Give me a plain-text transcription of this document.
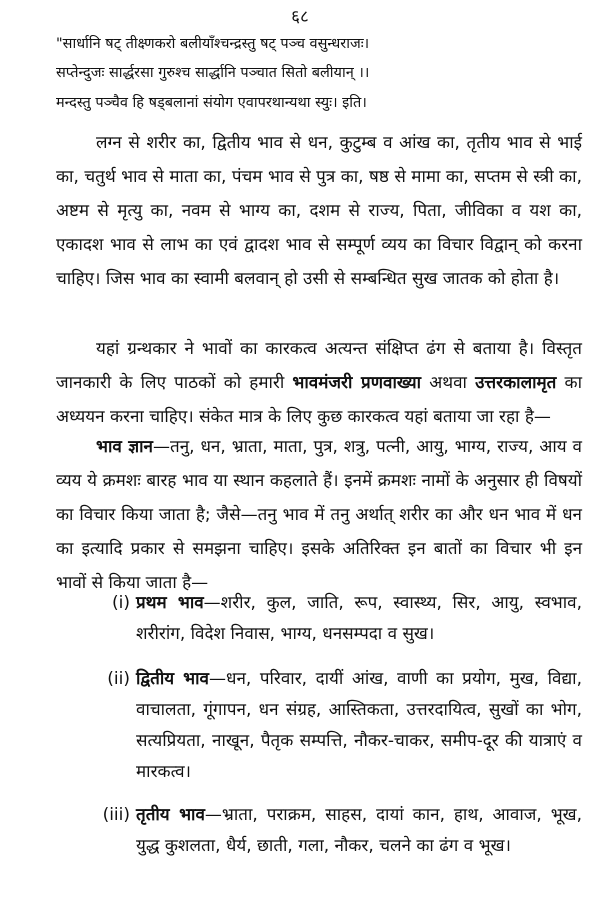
६८
"सार्धानि षट् तीक्ष्णकरो बलीयाँश्चन्द्रस्तु षट् पञ्च वसुन्धराजः।
सप्तेन्दुजः सार्द्धरसा गुरुश्च सार्द्धानि पञ्चात सितो बलीयान् ।।
मन्दस्तु पञ्चैव हि षड्बलानां संयोग एवापरथान्यथा स्युः। इति।

लग्न से शरीर का, द्वितीय भाव से धन, कुटुम्ब व आंख का, तृतीय भाव से भाई का, चतुर्थ भाव से माता का, पंचम भाव से पुत्र का, षष्ठ से मामा का, सप्तम से स्त्री का, अष्टम से मृत्यु का, नवम से भाग्य का, दशम से राज्य, पिता, जीविका व यश का, एकादश भाव से लाभ का एवं द्वादश भाव से सम्पूर्ण व्यय का विचार विद्वान् को करना चाहिए। जिस भाव का स्वामी बलवान् हो उसी से सम्बन्धित सुख जातक को होता है।

यहां ग्रन्थकार ने भावों का कारकत्व अत्यन्त संक्षिप्त ढंग से बताया है। विस्तृत जानकारी के लिए पाठकों को हमारी भावमंजरी प्रणवाख्या अथवा उत्तरकालामृत का अध्ययन करना चाहिए। संकेत मात्र के लिए कुछ कारकत्व यहां बताया जा रहा है—

भाव ज्ञान—तनु, धन, भ्राता, माता, पुत्र, शत्रु, पत्नी, आयु, भाग्य, राज्य, आय व व्यय ये क्रमशः बारह भाव या स्थान कहलाते हैं। इनमें क्रमशः नामों के अनुसार ही विषयों का विचार किया जाता है; जैसे—तनु भाव में तनु अर्थात् शरीर का और धन भाव में धन का इत्यादि प्रकार से समझना चाहिए। इसके अतिरिक्त इन बातों का विचार भी इन भावों से किया जाता है—

(i) प्रथम भाव—शरीर, कुल, जाति, रूप, स्वास्थ्य, सिर, आयु, स्वभाव, शरीरांग, विदेश निवास, भाग्य, धनसम्पदा व सुख।
(ii) द्वितीय भाव—धन, परिवार, दायीं आंख, वाणी का प्रयोग, मुख, विद्या, वाचालता, गूंगापन, धन संग्रह, आस्तिकता, उत्तरदायित्व, सुखों का भोग, सत्यप्रियता, नाखून, पैतृक सम्पत्ति, नौकर-चाकर, समीप-दूर की यात्राएं व मारकत्व।
(iii) तृतीय भाव—भ्राता, पराक्रम, साहस, दायां कान, हाथ, आवाज, भूख, युद्ध कुशलता, धैर्य, छाती, गला, नौकर, चलने का ढंग व भूख।
